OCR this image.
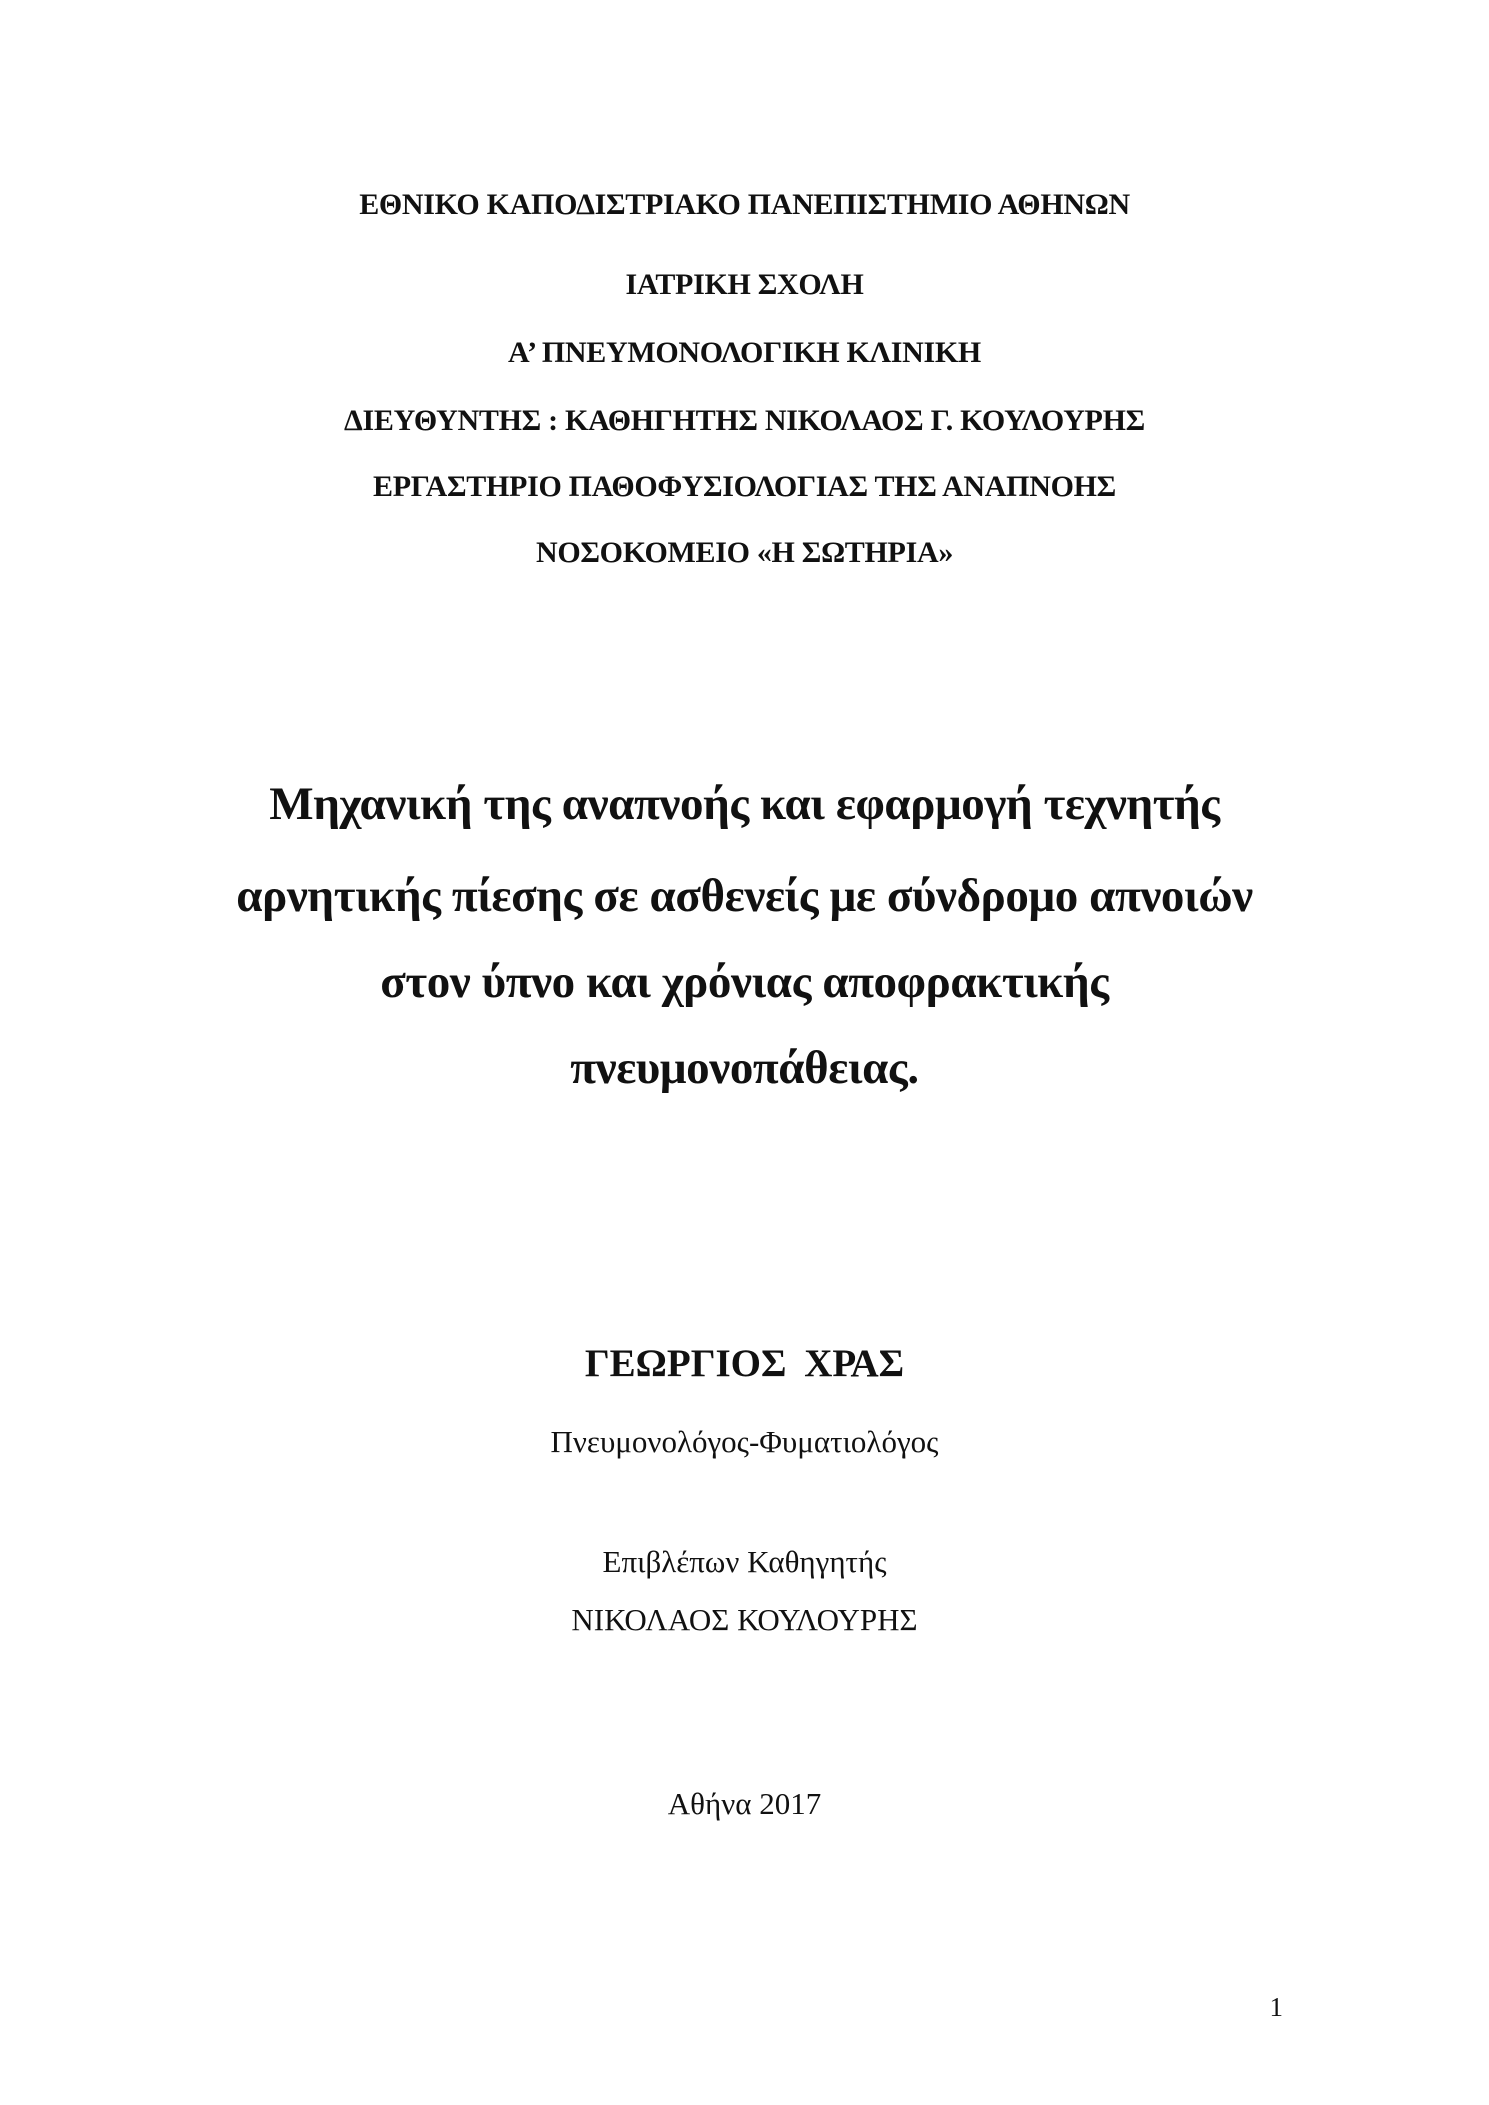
ΕΘΝΙΚΟ ΚΑΠΟΔΙΣΤΡΙΑΚΟ ΠΑΝΕΠΙΣΤΗΜΙΟ ΑΘΗΝΩΝ
ΙΑΤΡΙΚΗ ΣΧΟΛΗ
Α’ ΠΝΕΥΜΟΝΟΛΟΓΙΚΗ ΚΛΙΝΙΚΗ
ΔΙΕΥΘΥΝΤΗΣ : ΚΑΘΗΓΗΤΗΣ ΝΙΚΟΛΑΟΣ Γ. ΚΟΥΛΟΥΡΗΣ
ΕΡΓΑΣΤΗΡΙΟ ΠΑΘΟΦΥΣΙΟΛΟΓΙΑΣ ΤΗΣ ΑΝΑΠΝΟΗΣ
ΝΟΣΟΚΟΜΕΙΟ «Η ΣΩΤΗΡΙΑ»
Μηχανική της αναπνοής και εφαρμογή τεχνητής
αρνητικής πίεσης σε ασθενείς με σύνδρομο απνοιών
στον ύπνο και χρόνιας αποφρακτικής
πνευμονοπάθειας.
ΓΕΩΡΓΙΟΣ ΧΡΑΣ
Πνευμονολόγος-Φυματιολόγος
Επιβλέπων Καθηγητής
ΝΙΚΟΛΑΟΣ ΚΟΥΛΟΥΡΗΣ
Αθήνα 2017
1
